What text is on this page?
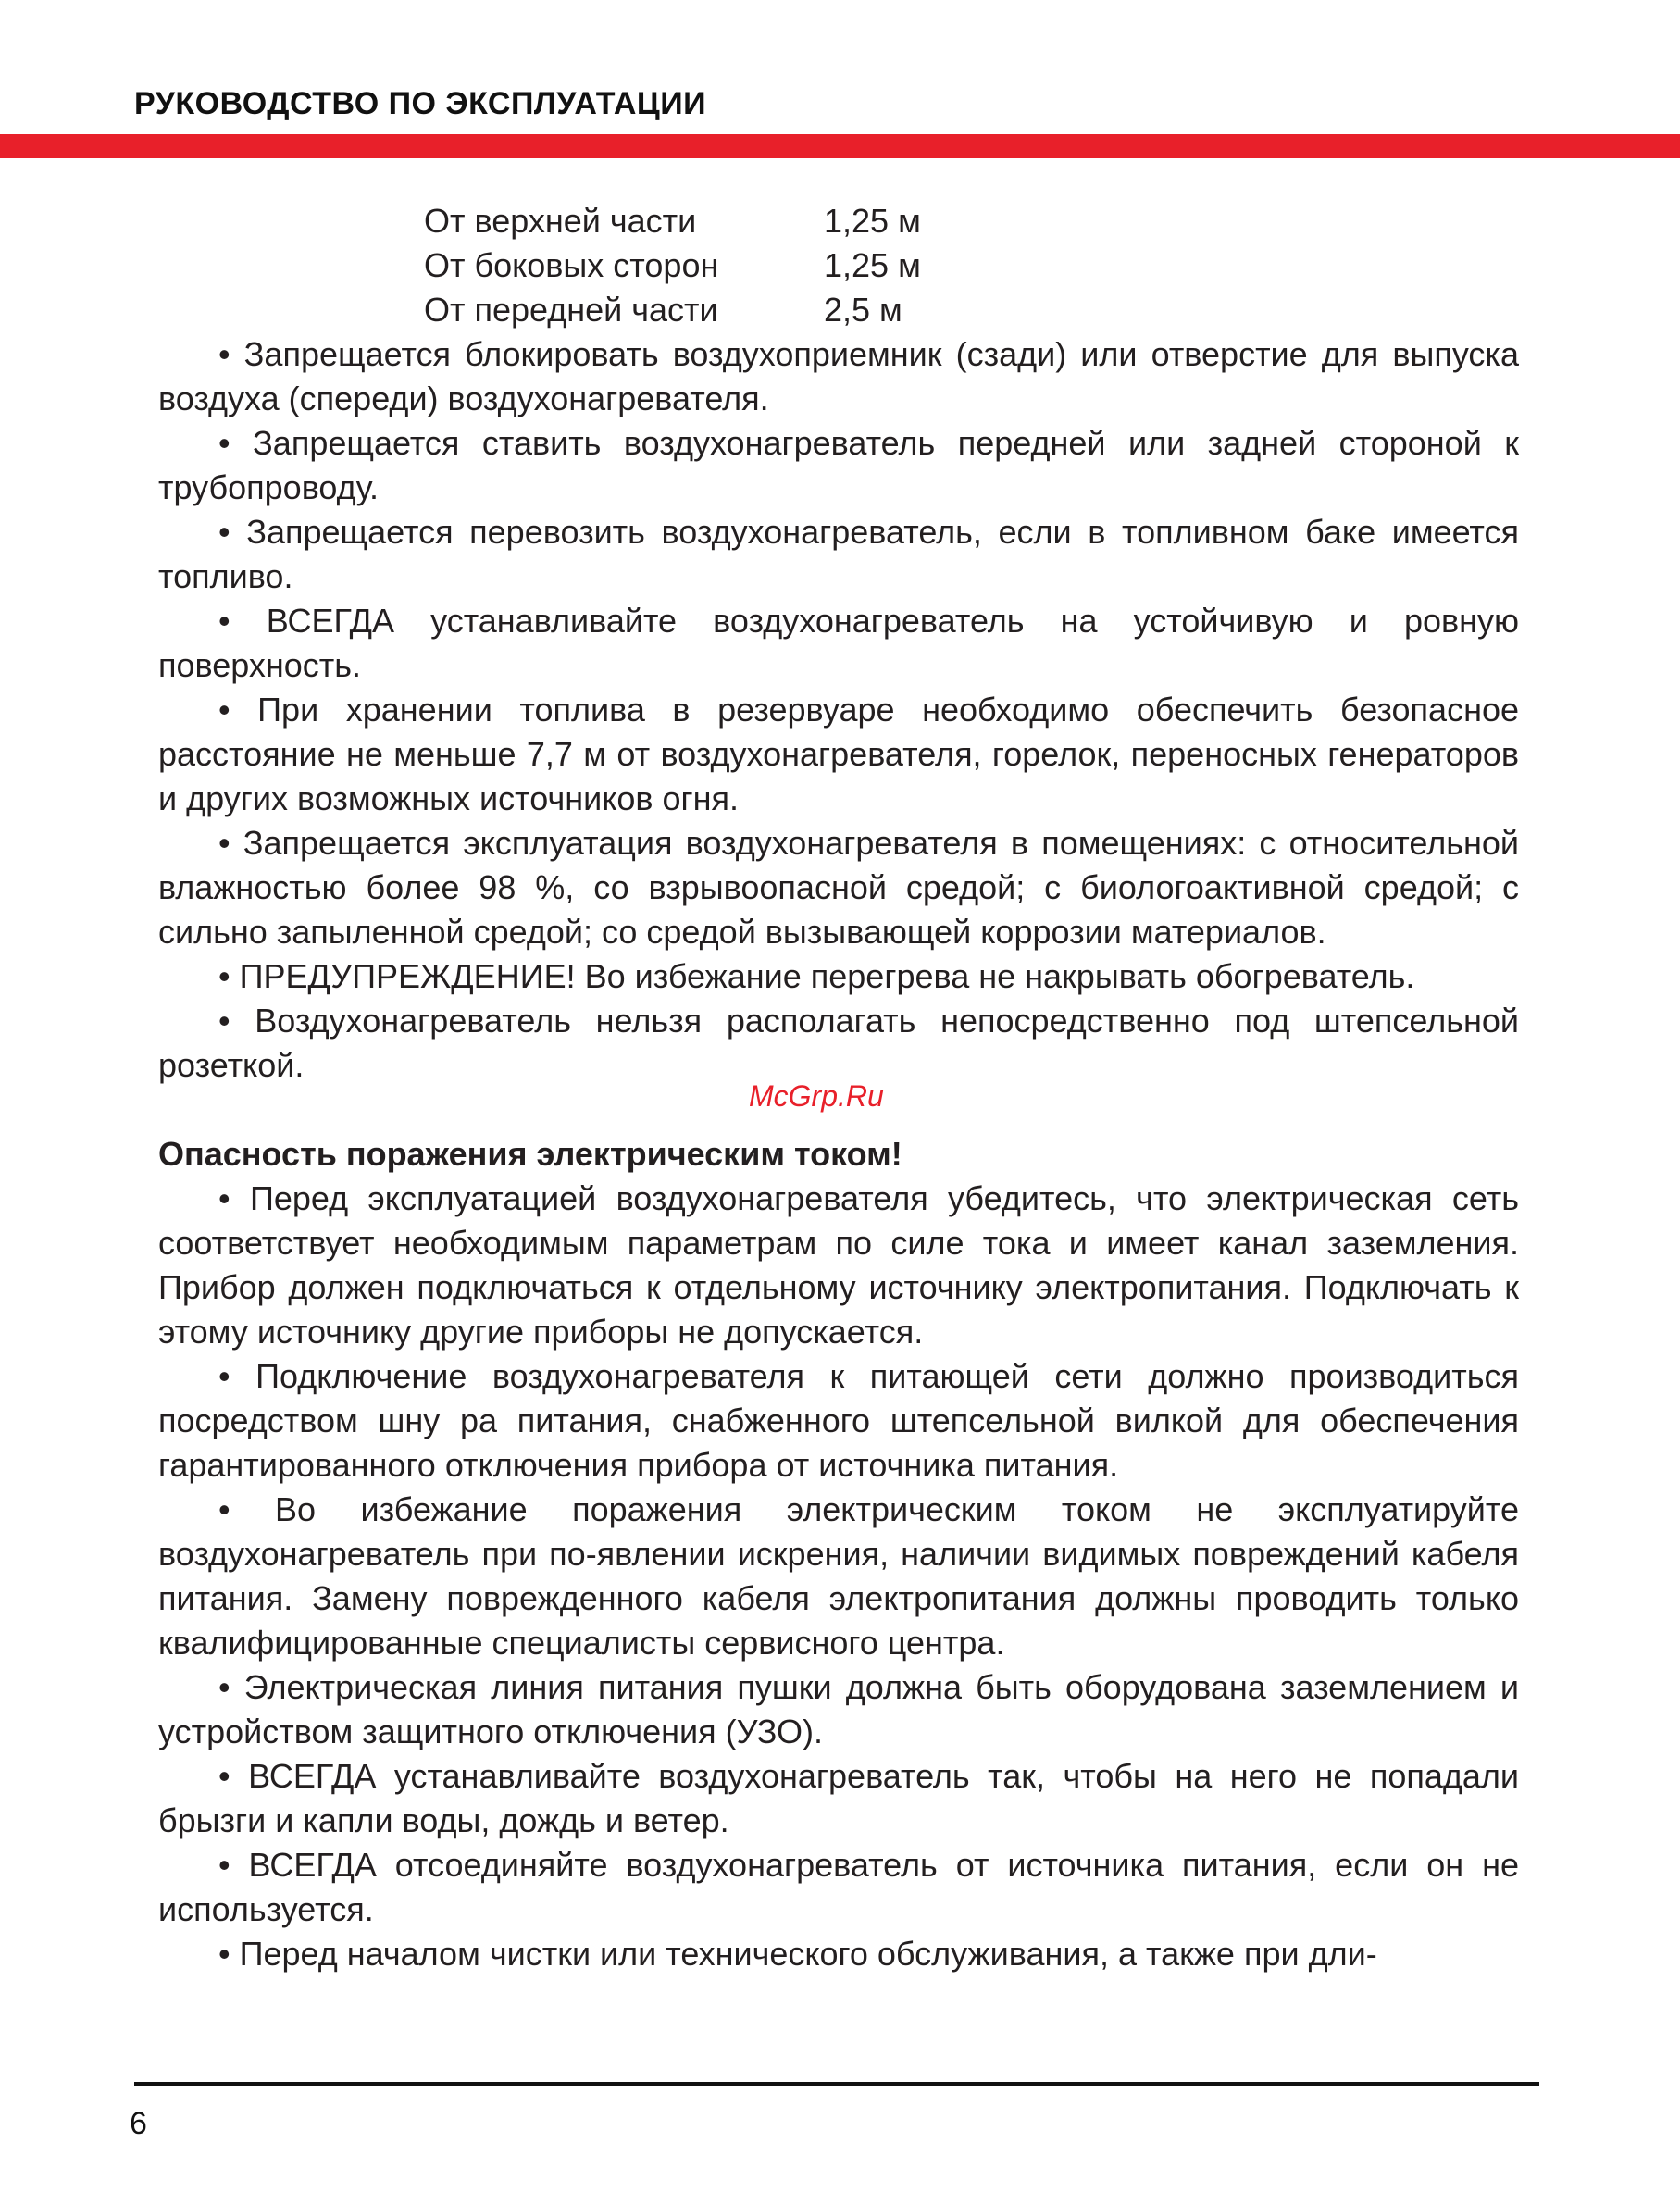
РУКОВОДСТВО ПО ЭКСПЛУАТАЦИИ
От верхней части	1,25 м
От боковых сторон	1,25 м
От передней части	2,5 м

• Запрещается блокировать воздухоприемник (сзади) или отверстие для выпуска воздуха (спереди) воздухонагревателя.

• Запрещается ставить воздухонагреватель передней или задней стороной к трубопроводу.

• Запрещается перевозить воздухонагреватель, если в топливном баке имеется топливо.

• ВСЕГДА устанавливайте воздухонагреватель на устойчивую и ровную поверхность.

• При хранении топлива в резервуаре необходимо обеспечить безопасное расстояние не меньше 7,7 м от воздухонагревателя, горелок, переносных генераторов и других возможных источников огня.

• Запрещается эксплуатация воздухонагревателя в помещениях: с относительной влажностью более 98 %, со взрывоопасной средой; с биологоактивной средой; с сильно запыленной средой; со средой вызывающей коррозии материалов.

• ПРЕДУПРЕЖДЕНИЕ! Во избежание перегрева не накрывать обогреватель.

• Воздухонагреватель нельзя располагать непосредственно под штепсельной розеткой.

Опасность поражения электрическим током!

• Перед эксплуатацией воздухонагревателя убедитесь, что электрическая сеть соответствует необходимым параметрам по силе тока и имеет канал заземления. Прибор должен подключаться к отдельному источнику электропитания. Подключать к этому источнику другие приборы не допускается.

• Подключение воздухонагревателя к питающей сети должно производиться посредством шну ра питания, снабженного штепсельной вилкой для обеспечения гарантированного отключения прибора от источника питания.

• Во избежание поражения электрическим током не эксплуатируйте воздухонагреватель при по-явлении искрения, наличии видимых повреждений кабеля питания. Замену поврежденного кабеля электропитания должны проводить только квалифицированные специалисты сервисного центра.

• Электрическая линия питания пушки должна быть оборудована заземлением и устройством защитного отключения (УЗО).

• ВСЕГДА устанавливайте воздухонагреватель так, чтобы на него не попадали брызги и капли воды, дождь и ветер.

• ВСЕГДА отсоединяйте воздухонагреватель от источника питания, если он не используется.

• Перед началом чистки или технического обслуживания, а также при дли-

McGrp.Ru
6
